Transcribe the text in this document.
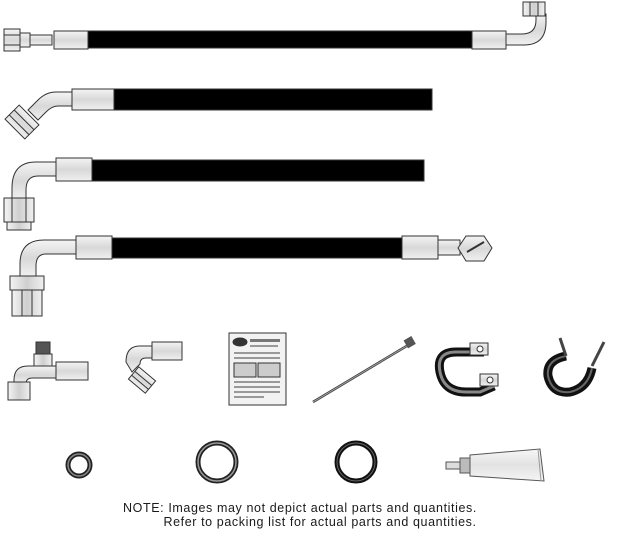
NOTE: Images may not depict actual parts and quantities.
Refer to packing list for actual parts and quantities.
